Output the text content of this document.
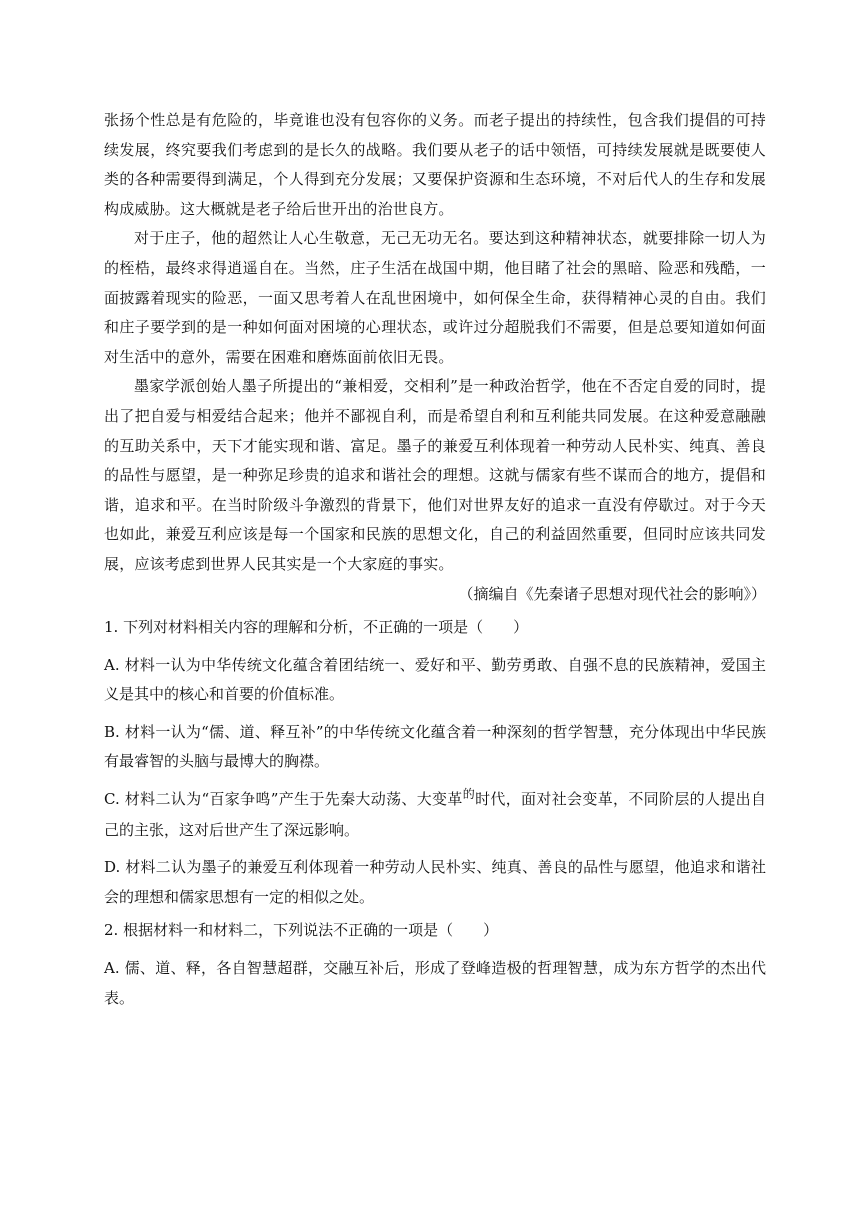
张扬个性总是有危险的，毕竟谁也没有包容你的义务。而老子提出的持续性，包含我们提倡的可持续发展，终究要我们考虑到的是长久的战略。我们要从老子的话中领悟，可持续发展就是既要使人类的各种需要得到满足，个人得到充分发展；又要保护资源和生态环境，不对后代人的生存和发展构成威胁。这大概就是老子给后世开出的治世良方。

对于庄子，他的超然让人心生敬意，无己无功无名。要达到这种精神状态，就要排除一切人为的桎梏，最终求得逍遥自在。当然，庄子生活在战国中期，他目睹了社会的黑暗、险恶和残酷，一面披露着现实的险恶，一面又思考着人在乱世困境中，如何保全生命，获得精神心灵的自由。我们和庄子要学到的是一种如何面对困境的心理状态，或许过分超脱我们不需要，但是总要知道如何面对生活中的意外，需要在困难和磨炼面前依旧无畏。

墨家学派创始人墨子所提出的“兼相爱，交相利”是一种政治哲学，他在不否定自爱的同时，提出了把自爱与相爱结合起来；他并不鄙视自利，而是希望自利和互利能共同发展。在这种爱意融融的互助关系中，天下才能实现和谐、富足。墨子的兼爱互利体现着一种劳动人民朴实、纯真、善良的品性与愿望，是一种弥足珍贵的追求和谐社会的理想。这就与儒家有些不谋而合的地方，提倡和谐，追求和平。在当时阶级斗争激烈的背景下，他们对世界友好的追求一直没有停歇过。对于今天也如此，兼爱互利应该是每一个国家和民族的思想文化，自己的利益固然重要，但同时应该共同发展，应该考虑到世界人民其实是一个大家庭的事实。

（摘编自《先秦诸子思想对现代社会的影响》）

1. 下列对材料相关内容的理解和分析，不正确的一项是（　　）

A. 材料一认为中华传统文化蕴含着团结统一、爱好和平、勤劳勇敢、自强不息的民族精神，爱国主义是其中的核心和首要的价值标准。

B. 材料一认为“儒、道、释互补”的中华传统文化蕴含着一种深刻的哲学智慧，充分体现出中华民族有最睿智的头脑与最博大的胸襟。

C. 材料二认为“百家争鸣”产生于先秦大动荡、大变革$^的$时代，面对社会变革，不同阶层的人提出自己的主张，这对后世产生了深远影响。

D. 材料二认为墨子的兼爱互利体现着一种劳动人民朴实、纯真、善良的品性与愿望，他追求和谐社会的理想和儒家思想有一定的相似之处。

2. 根据材料一和材料二，下列说法不正确的一项是（　　）

A. 儒、道、释，各自智慧超群，交融互补后，形成了登峰造极的哲理智慧，成为东方哲学的杰出代表。
